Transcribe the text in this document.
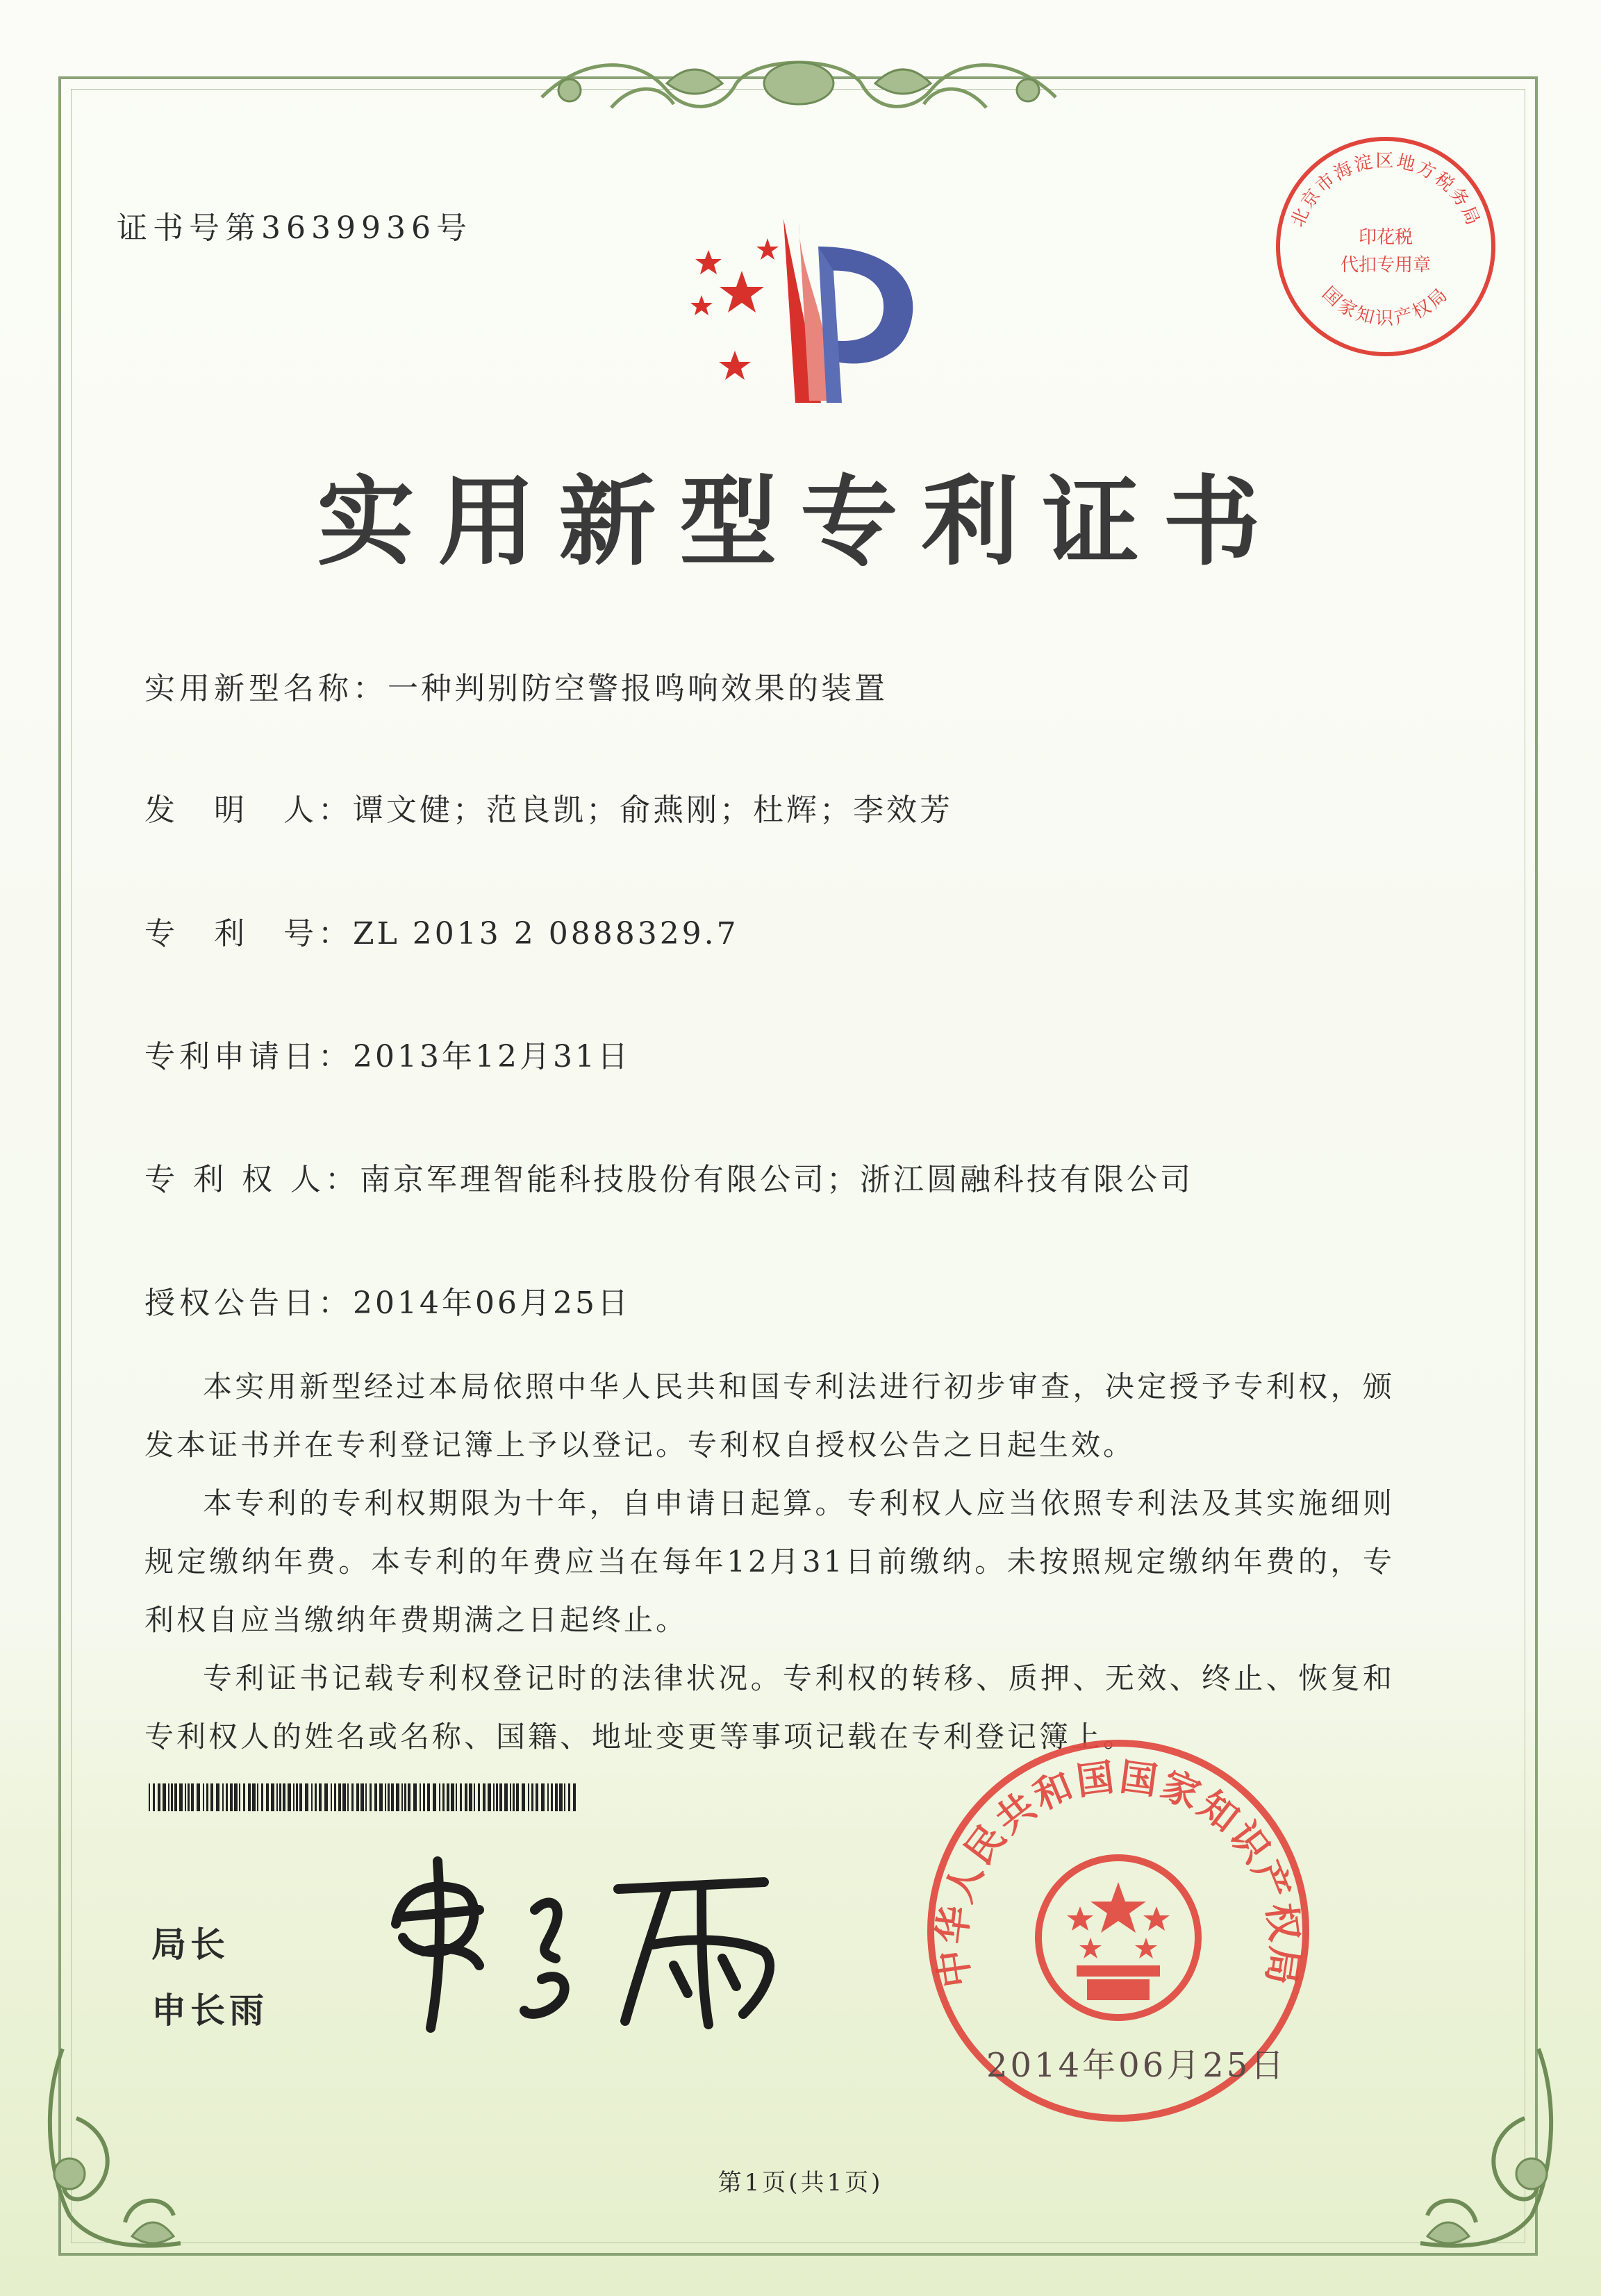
证书号第3639936号	北京市海淀区地方税务局
印花税
代扣专用章
国家知识产权局
实用新型专利证书
实用新型名称：一种判别防空警报鸣响效果的装置
发　明　人：谭文健；范良凯；俞燕刚；杜辉；李效芳
专　利　号：ZL 2013 2 0888329.7
专利申请日：2013年12月31日
专 利 权 人：南京军理智能科技股份有限公司；浙江圆融科技有限公司
授权公告日：2014年06月25日

本实用新型经过本局依照中华人民共和国专利法进行初步审查，决定授予专利权，颁发本证书并在专利登记簿上予以登记。专利权自授权公告之日起生效。

本专利的专利权期限为十年，自申请日起算。专利权人应当依照专利法及其实施细则规定缴纳年费。本专利的年费应当在每年12月31日前缴纳。未按照规定缴纳年费的，专利权自应当缴纳年费期满之日起终止。

专利证书记载专利权登记时的法律状况。专利权的转移、质押、无效、终止、恢复和专利权人的姓名或名称、国籍、地址变更等事项记载在专利登记簿上。

局长
申长雨
中华人民共和国国家知识产权局
2014年06月25日
第1页(共1页)
